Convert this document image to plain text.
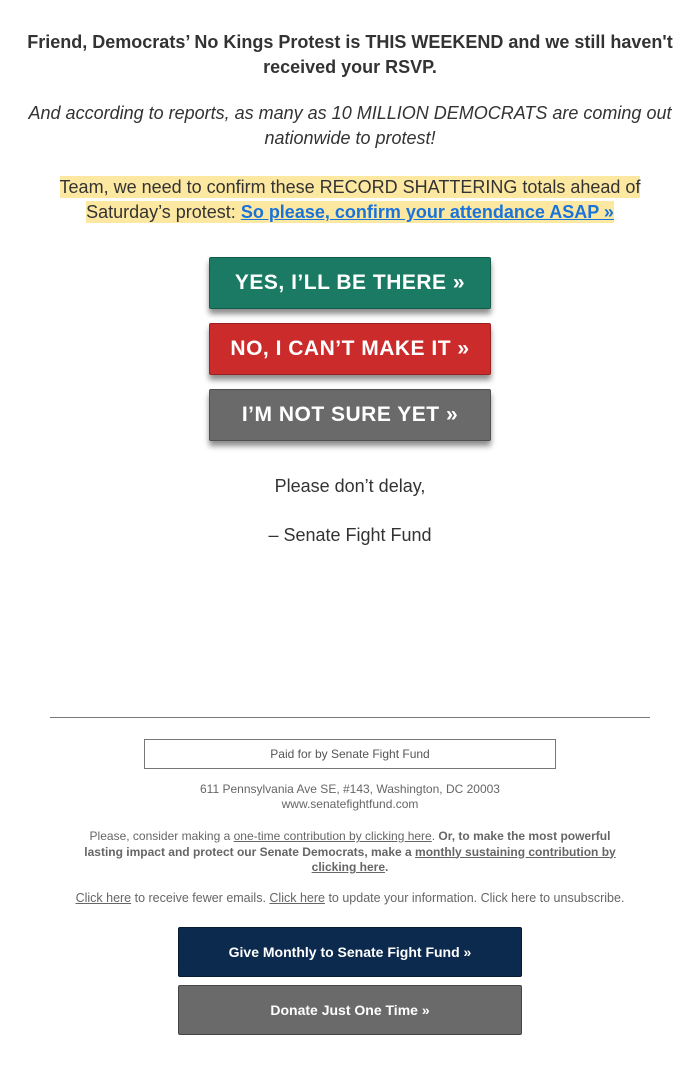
Friend, Democrats’ No Kings Protest is THIS WEEKEND and we still haven't received your RSVP.
And according to reports, as many as 10 MILLION DEMOCRATS are coming out nationwide to protest!
Team, we need to confirm these RECORD SHATTERING totals ahead of Saturday’s protest: So please, confirm your attendance ASAP »
YES, I’LL BE THERE »
NO, I CAN’T MAKE IT »
I’M NOT SURE YET »
Please don’t delay,
– Senate Fight Fund
Paid for by Senate Fight Fund
611 Pennsylvania Ave SE, #143, Washington, DC 20003
www.senatefightfund.com
Please, consider making a one-time contribution by clicking here. Or, to make the most powerful lasting impact and protect our Senate Democrats, make a monthly sustaining contribution by clicking here.
Click here to receive fewer emails. Click here to update your information. Click here to unsubscribe.
Give Monthly to Senate Fight Fund »
Donate Just One Time »
